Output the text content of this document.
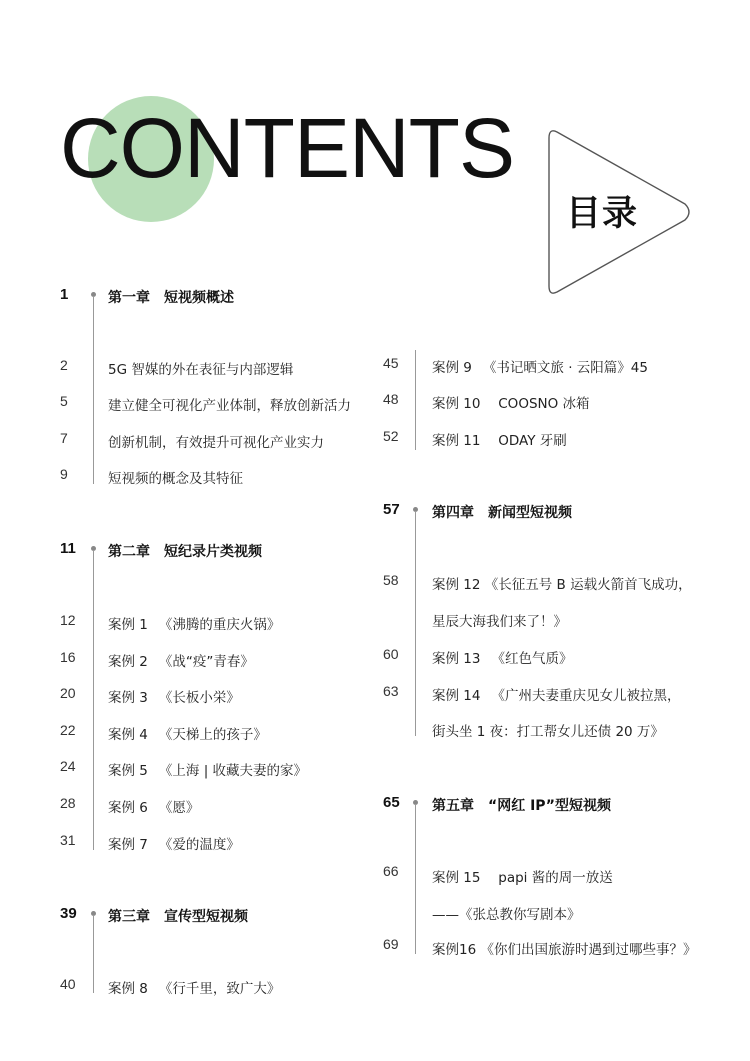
CONTENTS
目录
1	第一章　短视频概述
2	5G 智媒的外在表征与内部逻辑
5	建立健全可视化产业体制，释放创新活力
7	创新机制，有效提升可视化产业实力
9	短视频的概念及其特征
11 第二章　短纪录片类视频
12 案例 1 　《沸腾的重庆火锅》
16 案例 2 　《战“疫”青春》
20 案例 3 　《长板小栄》
22 案例 4 　《天梯上的孩子》
24 案例 5 　《上海 | 收藏夫妻的家》
28 案例 6 　《愿》
31 案例 7 　《爱的温度》
39 第三章　宣传型短视频
40 案例 8 　《行千里，致广大》
45 案例 9 　《书记晒文旅 · 云阳篇》45
48 案例 10 　COOSNO 冰箱
52 案例 11 　ODAY 牙刷
57 第四章　新闻型短视频
58 案例 12 《长征五号 B 运载火箭首飞成功，
星辰大海我们来了！》
60 案例 13 　《红色气质》
63 案例 14 　《广州夫妻重庆见女儿被拉黑，
街头坐 1 夜：打工帮女儿还债 20 万》
65 第五章　“网红 IP”型短视频
66 案例 15 　papi 酱的周一放送
——《张总教你写剧本》
69 案例16 《你们出国旅游时遇到过哪些事？》
